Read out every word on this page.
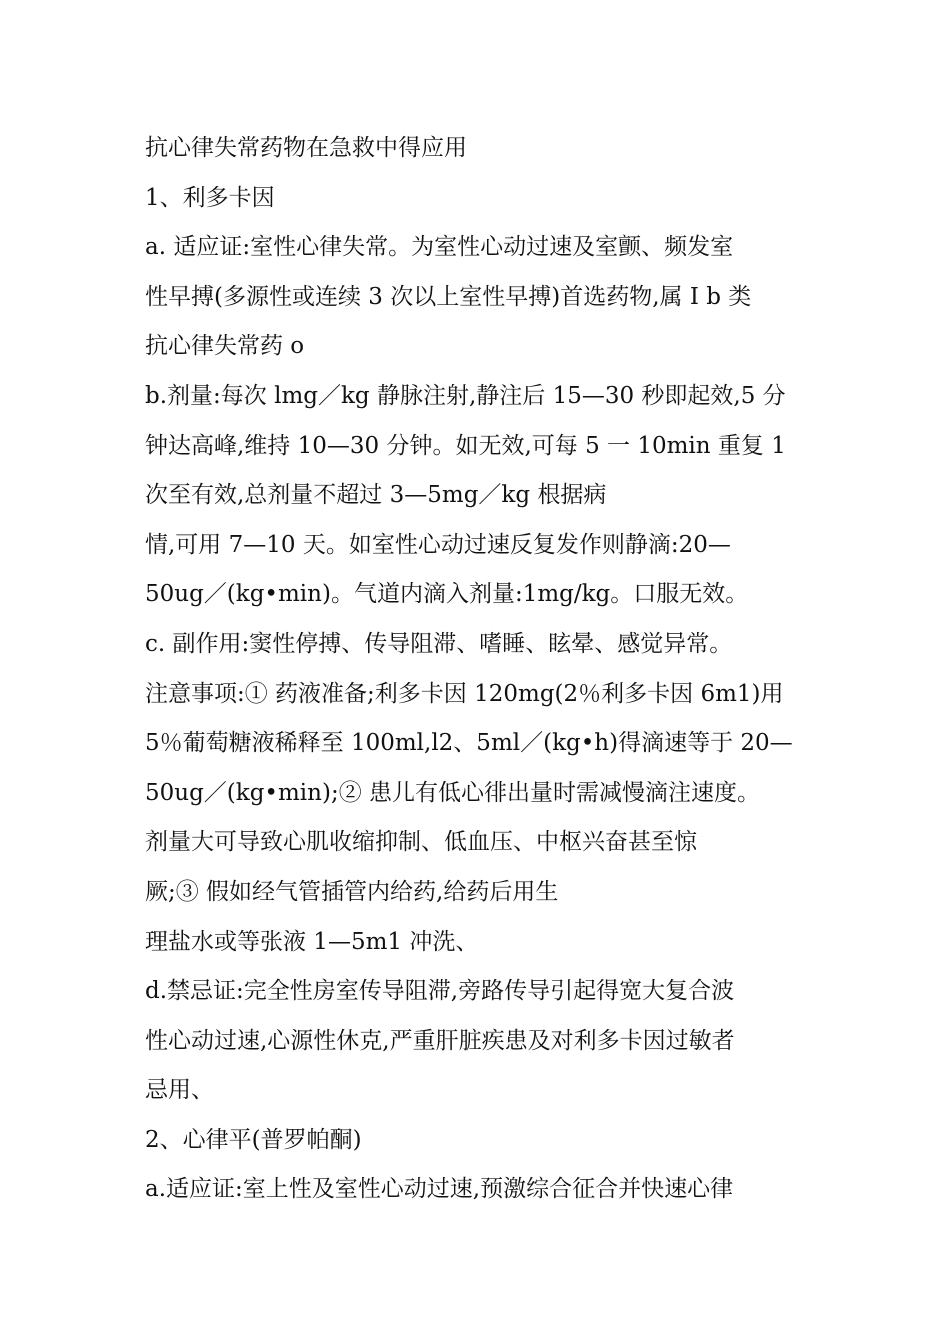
抗心律失常药物在急救中得应用

1、利多卡因

a. 适应证:室性心律失常。为室性心动过速及室颤、频发室

性早搏(多源性或连续 3 次以上室性早搏)首选药物,属 I b 类

抗心律失常药 o

b.剂量:每次 lmg／kg 静脉注射,静注后 15—30 秒即起效,5 分

钟达高峰,维持 10—30 分钟。如无效,可每 5 一 10min 重复 1

次至有效,总剂量不超过 3—5mg／kg 根据病

情,可用 7—10 天。如室性心动过速反复发作则静滴:20—

50ug／(kg•min)。气道内滴入剂量:1mg/kg。口服无效。

c. 副作用:窦性停搏、传导阻滞、嗜睡、眩晕、感觉异常。

注意事项:① 药液准备;利多卡因 120mg(2％利多卡因 6m1)用

5％葡萄糖液稀释至 100ml,l2、5ml／(kg•h)得滴速等于 20—

50ug／(kg•min);② 患儿有低心徘出量时需减慢滴注速度。

剂量大可导致心肌收缩抑制、低血压、中枢兴奋甚至惊

厥;③ 假如经气管插管内给药,给药后用生

理盐水或等张液 1—5m1 冲洗、

d.禁忌证:完全性房室传导阻滞,旁路传导引起得宽大复合波

性心动过速,心源性休克,严重肝脏疾患及对利多卡因过敏者

忌用、

2、心律平(普罗帕酮)

a.适应证:室上性及室性心动过速,预激综合征合并快速心律
